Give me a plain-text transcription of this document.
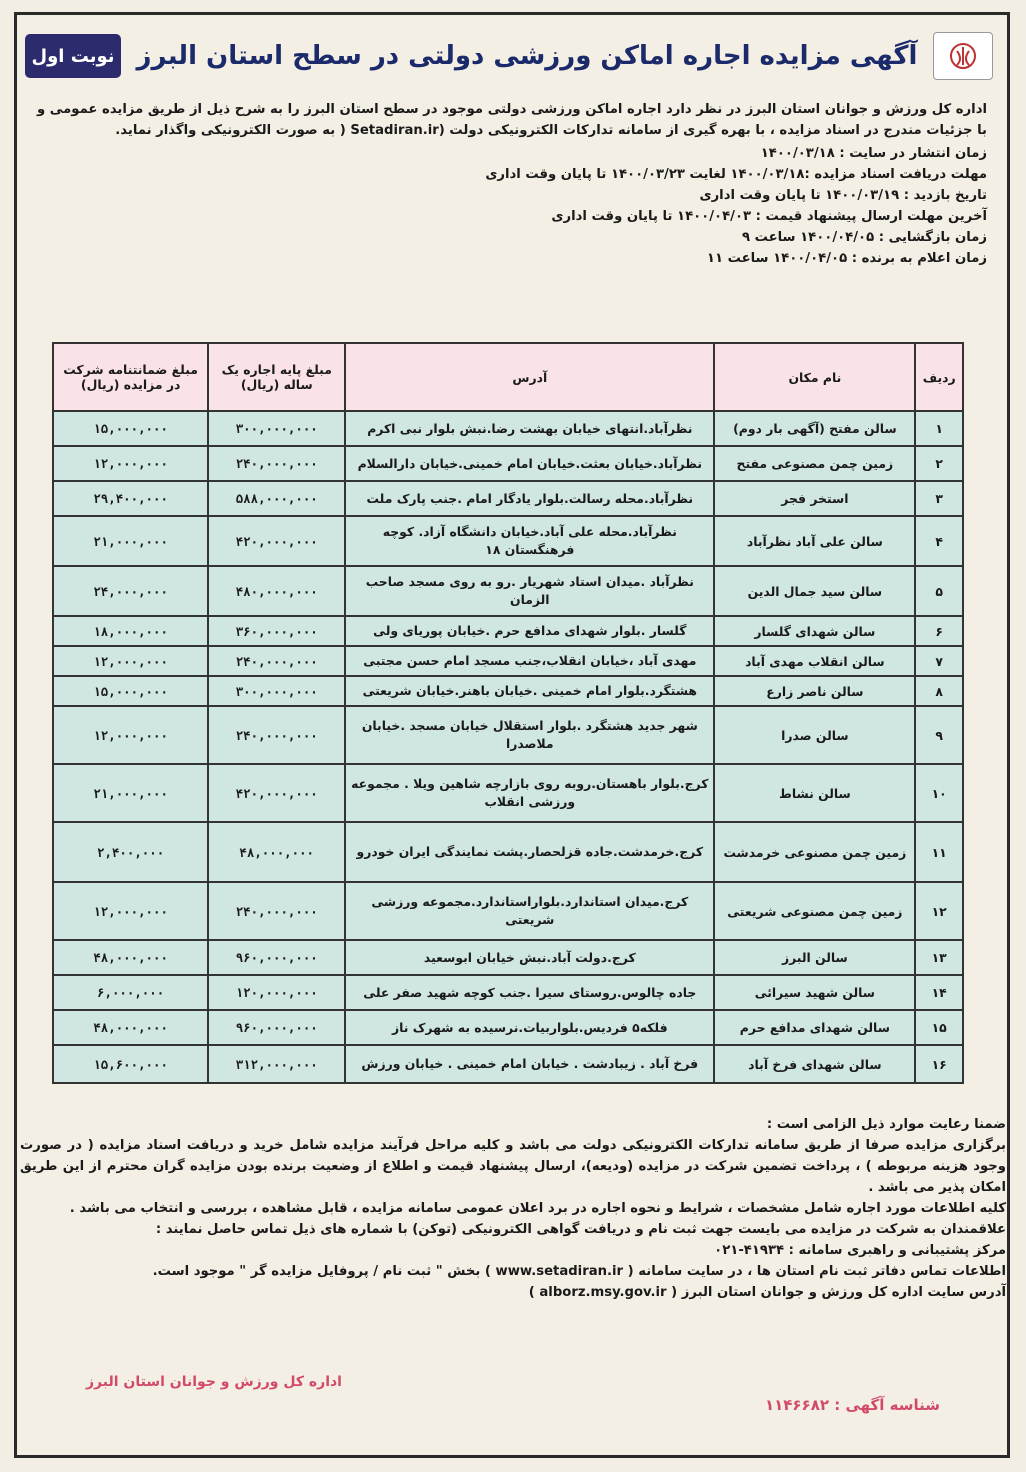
آگهی مزایده اجاره اماکن ورزشی دولتی در سطح استان البرز
نوبت اول
اداره کل ورزش و جوانان استان البرز در نظر دارد اجاره اماکن ورزشی دولتی موجود در سطح استان البرز را به شرح ذیل از طریق مزایده عمومی و با جزئیات مندرج در اسناد مزایده ، با بهره گیری از سامانه تدارکات الکترونیکی دولت (Setadiran.ir ( به صورت الکترونیکی واگذار نماید.
زمان انتشار در سایت : ۱۴۰۰/۰۳/۱۸
مهلت دریافت اسناد مزایده :۱۴۰۰/۰۳/۱۸ لغایت ۱۴۰۰/۰۳/۲۳ تا پایان وقت اداری
تاریخ بازدید : ۱۴۰۰/۰۳/۱۹ تا پایان وقت اداری
آخرین مهلت ارسال پیشنهاد قیمت : ۱۴۰۰/۰۴/۰۳ تا پایان وقت اداری
زمان بازگشایی : ۱۴۰۰/۰۴/۰۵ ساعت ۹
زمان اعلام به برنده : ۱۴۰۰/۰۴/۰۵ ساعت ۱۱
ردیف	نام مکان	آدرس	مبلغ پایه اجاره یک ساله (ریال)	مبلغ ضمانتنامه شرکت در مزایده (ریال)
۱	سالن مفتح (آگهی بار دوم)	نظرآباد.انتهای خیابان بهشت رضا.نبش بلوار نبی اکرم	۳۰۰,۰۰۰,۰۰۰	۱۵,۰۰۰,۰۰۰
۲	زمین چمن مصنوعی مفتح	نظرآباد.خیابان بعثت.خیابان امام خمینی.خیابان دارالسلام	۲۴۰,۰۰۰,۰۰۰	۱۲,۰۰۰,۰۰۰
۳	استخر فجر	نظرآباد.محله رسالت.بلوار یادگار امام .جنب پارک ملت	۵۸۸,۰۰۰,۰۰۰	۲۹,۴۰۰,۰۰۰
۴	سالن علی آباد نظرآباد	نظرآباد.محله علی آباد.خیابان دانشگاه آزاد. کوچه فرهنگستان ۱۸	۴۲۰,۰۰۰,۰۰۰	۲۱,۰۰۰,۰۰۰
۵	سالن سید جمال الدین	نظرآباد .میدان استاد شهریار .رو به روی مسجد صاحب الزمان	۴۸۰,۰۰۰,۰۰۰	۲۴,۰۰۰,۰۰۰
۶	سالن شهدای گلسار	گلسار .بلوار شهدای مدافع حرم .خیابان پوریای ولی	۳۶۰,۰۰۰,۰۰۰	۱۸,۰۰۰,۰۰۰
۷	سالن انقلاب مهدی آباد	مهدی آباد ،خیابان انقلاب،جنب مسجد امام حسن مجتبی	۲۴۰,۰۰۰,۰۰۰	۱۲,۰۰۰,۰۰۰
۸	سالن ناصر زارع	هشتگرد.بلوار امام خمینی .خیابان باهنر.خیابان شریعتی	۳۰۰,۰۰۰,۰۰۰	۱۵,۰۰۰,۰۰۰
۹	سالن صدرا	شهر جدید هشتگرد .بلوار استقلال خیابان مسجد .خیابان ملاصدرا	۲۴۰,۰۰۰,۰۰۰	۱۲,۰۰۰,۰۰۰
۱۰	سالن نشاط	کرج.بلوار باهستان.روبه روی بازارچه شاهین ویلا . مجموعه ورزشی انقلاب	۴۲۰,۰۰۰,۰۰۰	۲۱,۰۰۰,۰۰۰
۱۱	زمین چمن مصنوعی خرمدشت	کرج.خرمدشت.جاده قزلحصار.پشت نمایندگی ایران خودرو	۴۸,۰۰۰,۰۰۰	۲,۴۰۰,۰۰۰
۱۲	زمین چمن مصنوعی شریعتی	کرج.میدان استاندارد.بلواراستاندارد.مجموعه ورزشی شریعتی	۲۴۰,۰۰۰,۰۰۰	۱۲,۰۰۰,۰۰۰
۱۳	سالن البرز	کرج.دولت آباد.نبش خیابان ابوسعید	۹۶۰,۰۰۰,۰۰۰	۴۸,۰۰۰,۰۰۰
۱۴	سالن شهید سیرائی	جاده چالوس.روستای سیرا .جنب کوچه شهید صفر علی	۱۲۰,۰۰۰,۰۰۰	۶,۰۰۰,۰۰۰
۱۵	سالن شهدای مدافع حرم	فلکه۵ فردیس.بلواربیات.نرسیده به شهرک ناز	۹۶۰,۰۰۰,۰۰۰	۴۸,۰۰۰,۰۰۰
۱۶	سالن شهدای فرخ آباد	فرخ آباد . زیبادشت . خیابان امام خمینی . خیابان ورزش	۳۱۲,۰۰۰,۰۰۰	۱۵,۶۰۰,۰۰۰
ضمنا رعایت موارد ذیل الزامی است :
برگزاری مزایده صرفا از طریق سامانه تدارکات الکترونیکی دولت می باشد و کلیه مراحل فرآیند مزایده شامل خرید و دریافت اسناد مزایده ( در صورت وجود هزینه مربوطه ) ، پرداخت تضمین شرکت در مزایده (ودیعه)، ارسال پیشنهاد قیمت و اطلاع از وضعیت برنده بودن مزایده گران محترم از این طریق امکان پذیر می باشد .
کلیه اطلاعات مورد اجاره شامل مشخصات ، شرایط و نحوه اجاره در برد اعلان عمومی سامانه مزایده ، قابل مشاهده ، بررسی و انتخاب می باشد .
علاقمندان به شرکت در مزایده می بایست جهت ثبت نام و دریافت گواهی الکترونیکی (توکن) با شماره های ذیل تماس حاصل نمایند :
مرکز پشتیبانی و راهبری سامانه : ۴۱۹۳۴-۰۲۱
اطلاعات تماس دفاتر ثبت نام استان ها ، در سایت سامانه ( www.setadiran.ir ) بخش " ثبت نام / پروفایل مزایده گر " موجود است.
آدرس سایت اداره کل ورزش و جوانان استان البرز ( alborz.msy.gov.ir )
اداره کل ورزش و جوانان استان البرز
شناسه آگهی : ۱۱۴۶۶۸۲
